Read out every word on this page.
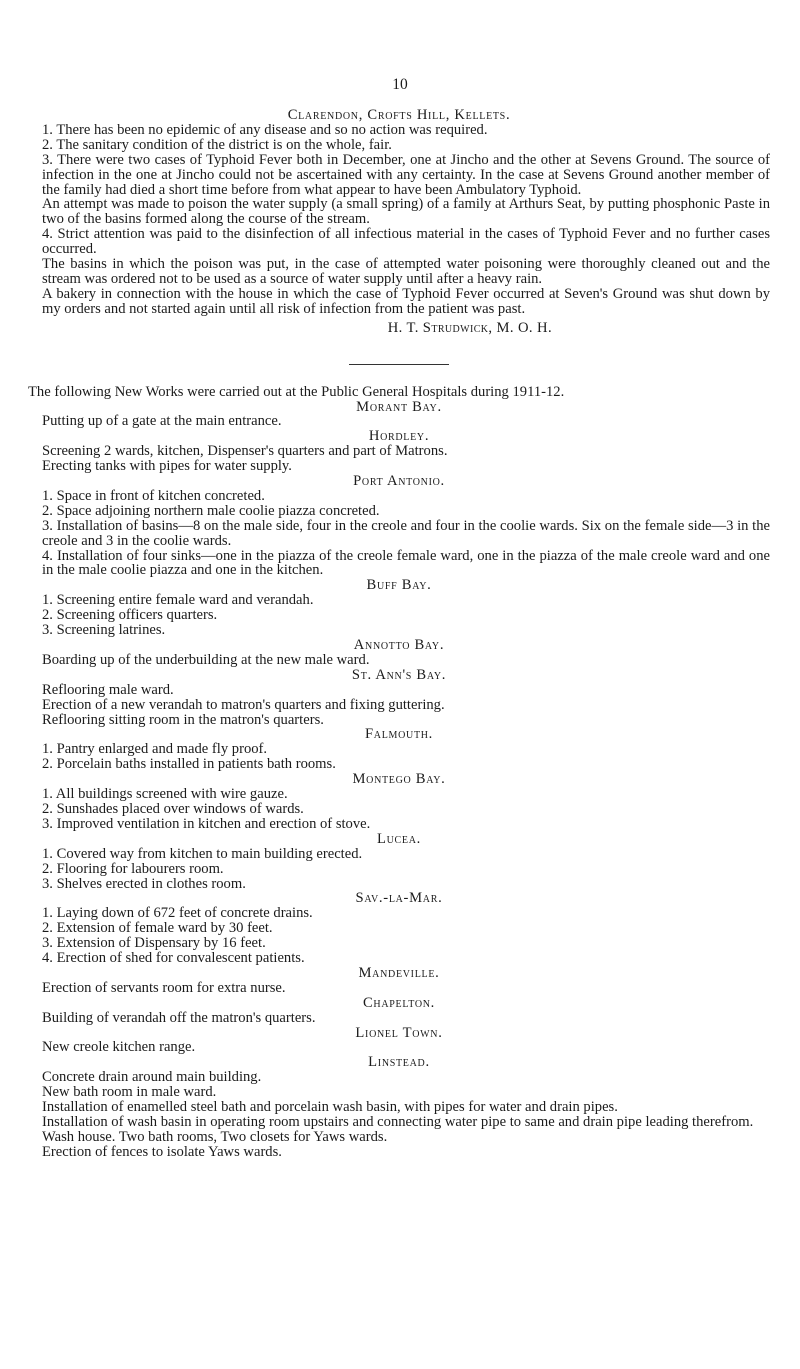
10

Clarendon, Crofts Hill, Kellets.

1. There has been no epidemic of any disease and so no action was required.

2. The sanitary condition of the district is on the whole, fair.

3. There were two cases of Typhoid Fever both in December, one at Jincho and the other at Sevens Ground. The source of infection in the one at Jincho could not be ascertained with any certainty. In the case at Sevens Ground another member of the family had died a short time before from what appear to have been Ambulatory Typhoid.

An attempt was made to poison the water supply (a small spring) of a family at Arthurs Seat, by putting phosphonic Paste in two of the basins formed along the course of the stream.

4. Strict attention was paid to the disinfection of all infectious material in the cases of Typhoid Fever and no further cases occurred.

The basins in which the poison was put, in the case of attempted water poisoning were thoroughly cleaned out and the stream was ordered not to be used as a source of water supply until after a heavy rain.

A bakery in connection with the house in which the case of Typhoid Fever occurred at Seven's Ground was shut down by my orders and not started again until all risk of infection from the patient was past.

H. T. Strudwick, M. O. H.

The following New Works were carried out at the Public General Hospitals during 1911-12.

Morant Bay.

Putting up of a gate at the main entrance.

Hordley.

Screening 2 wards, kitchen, Dispenser's quarters and part of Matrons.

Erecting tanks with pipes for water supply.

Port Antonio.

1. Space in front of kitchen concreted.

2. Space adjoining northern male coolie piazza concreted.

3. Installation of basins—8 on the male side, four in the creole and four in the coolie wards. Six on the female side—3 in the creole and 3 in the coolie wards.

4. Installation of four sinks—one in the piazza of the creole female ward, one in the piazza of the male creole ward and one in the male coolie piazza and one in the kitchen.

Buff Bay.

1. Screening entire female ward and verandah.

2. Screening officers quarters.

3. Screening latrines.

Annotto Bay.

Boarding up of the underbuilding at the new male ward.

St. Ann's Bay.

Reflooring male ward.

Erection of a new verandah to matron's quarters and fixing guttering.

Reflooring sitting room in the matron's quarters.

Falmouth.

1. Pantry enlarged and made fly proof.

2. Porcelain baths installed in patients bath rooms.

Montego Bay.

1. All buildings screened with wire gauze.

2. Sunshades placed over windows of wards.

3. Improved ventilation in kitchen and erection of stove.

Lucea.

1. Covered way from kitchen to main building erected.

2. Flooring for labourers room.

3. Shelves erected in clothes room.

Sav.-la-Mar.

1. Laying down of 672 feet of concrete drains.

2. Extension of female ward by 30 feet.

3. Extension of Dispensary by 16 feet.

4. Erection of shed for convalescent patients.

Mandeville.

Erection of servants room for extra nurse.

Chapelton.

Building of verandah off the matron's quarters.

Lionel Town.

New creole kitchen range.

Linstead.

Concrete drain around main building.

New bath room in male ward.

Installation of enamelled steel bath and porcelain wash basin, with pipes for water and drain pipes.

Installation of wash basin in operating room upstairs and connecting water pipe to same and drain pipe leading therefrom.

Wash house. Two bath rooms, Two closets for Yaws wards.

Erection of fences to isolate Yaws wards.
